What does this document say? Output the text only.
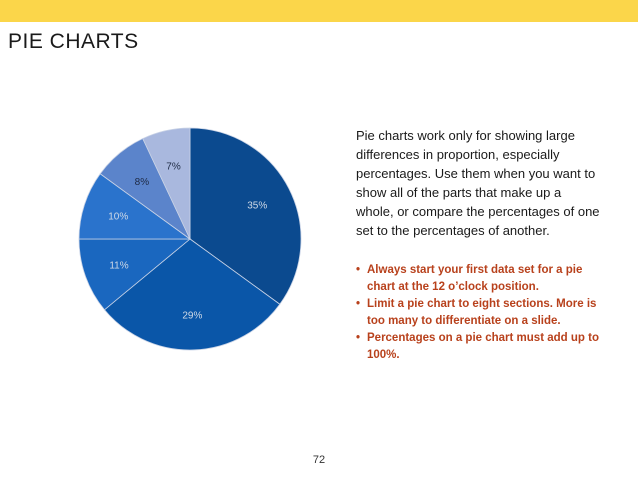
PIE CHARTS
35%
29%
11%
10%
8%
7%

Pie charts work only for showing large differences in proportion, especially percentages. Use them when you want to show all of the parts that make up a whole, or compare the percentages of one set to the percentages of another.

• Always start your first data set for a pie chart at the 12 o’clock position.
• Limit a pie chart to eight sections. More is too many to differentiate on a slide.
• Percentages on a pie chart must add up to 100%.
72
